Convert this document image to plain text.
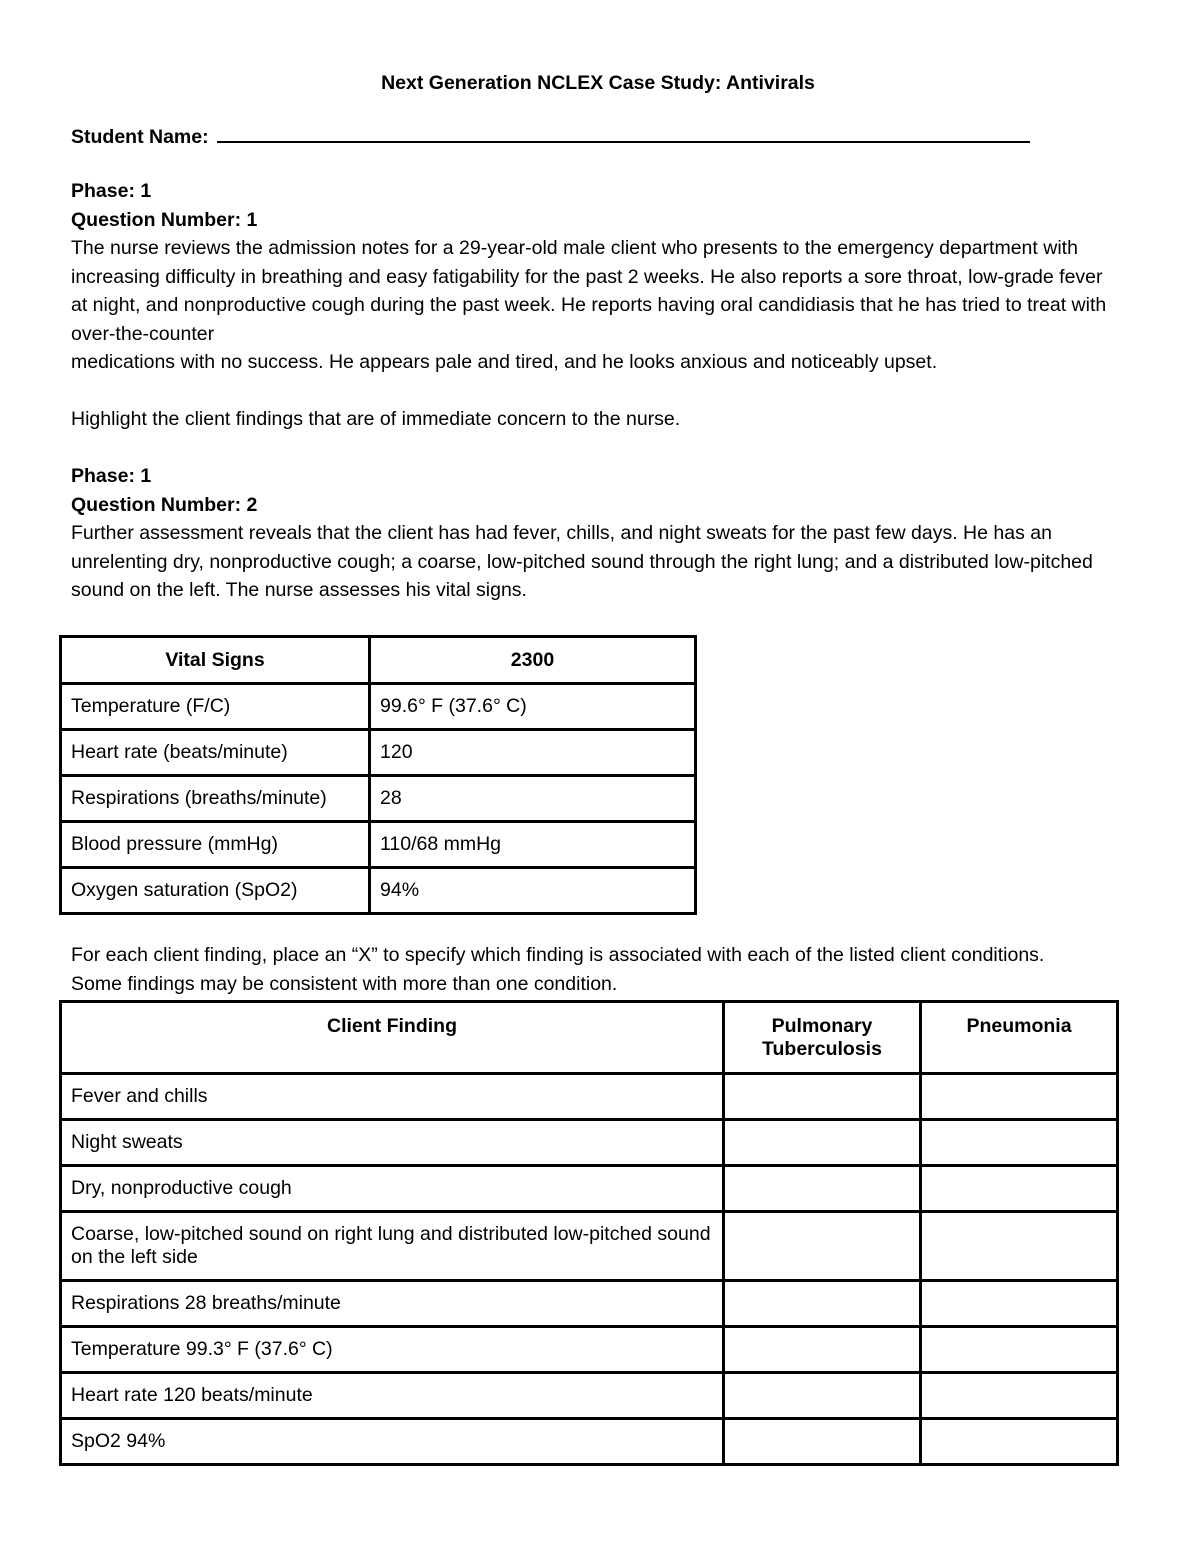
Next Generation NCLEX Case Study: Antivirals
Student Name:
Phase: 1
Question Number: 1

The nurse reviews the admission notes for a 29-year-old male client who presents to the emergency department with increasing difficulty in breathing and easy fatigability for the past 2 weeks. He also reports a sore throat, low-grade fever at night, and nonproductive cough during the past week. He reports having oral candidiasis that he has tried to treat with over-the-counter

medications with no success. He appears pale and tired, and he looks anxious and noticeably upset.

Highlight the client findings that are of immediate concern to the nurse.

Phase: 1
Question Number: 2

Further assessment reveals that the client has had fever, chills, and night sweats for the past few days. He has an unrelenting dry, nonproductive cough; a coarse, low-pitched sound through the right lung; and a distributed low-pitched sound on the left. The nurse assesses his vital signs.

Vital Signs	2300
Temperature (F/C)	99.6° F (37.6° C)
Heart rate (beats/minute)	120
Respirations (breaths/minute)	28
Blood pressure (mmHg)	110/68 mmHg
Oxygen saturation (SpO2)	94%

For each client finding, place an “X” to specify which finding is associated with each of the listed client conditions. Some findings may be consistent with more than one condition.

Client Finding	Pulmonary Tuberculosis	Pneumonia
Fever and chills		
Night sweats		
Dry, nonproductive cough		
Coarse, low-pitched sound on right lung and distributed low-pitched sound on the left side		
Respirations 28 breaths/minute		
Temperature 99.3° F (37.6° C)		
Heart rate 120 beats/minute		
SpO2 94%		
